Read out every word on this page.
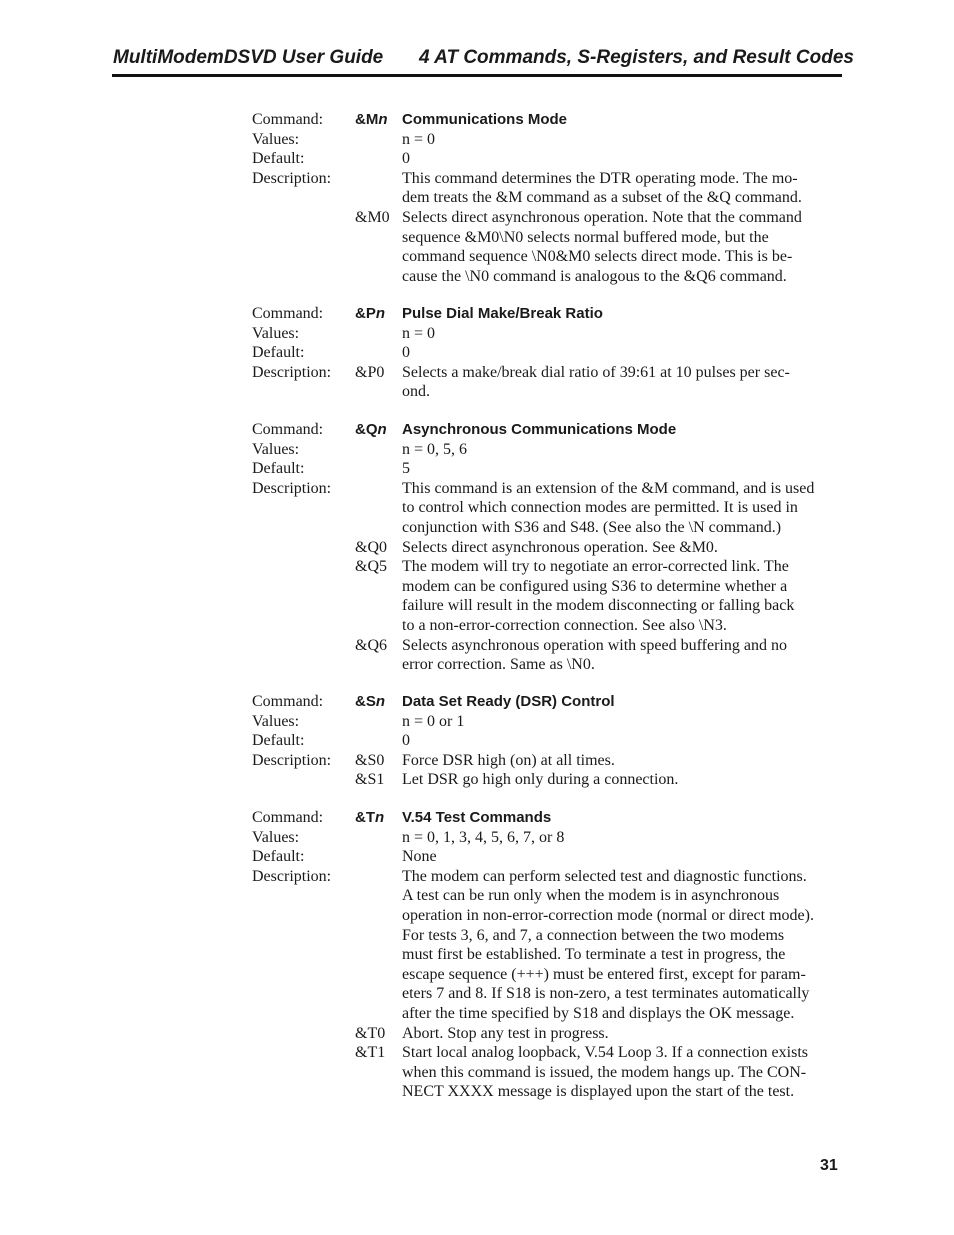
MultiModemDSVD User Guide 4 AT Commands, S-Registers, and Result Codes
Command: &Mn Communications Mode
Values:	n = 0
Default:	0
Description:	This command determines the DTR operating mode. The mo-
dem treats the &M command as a subset of the &Q command.
&M0 Selects direct asynchronous operation. Note that the command
sequence &M0\N0 selects normal buffered mode, but the
command sequence \N0&M0 selects direct mode. This is be-
cause the \N0 command is analogous to the &Q6 command.
Command: &Pn Pulse Dial Make/Break Ratio
Values:	n = 0
Default:	0
Description: &P0 Selects a make/break dial ratio of 39:61 at 10 pulses per sec-
ond.
Command: &Qn Asynchronous Communications Mode
Values:	n = 0, 5, 6
Default:	5
Description:	This command is an extension of the &M command, and is used
to control which connection modes are permitted. It is used in
conjunction with S36 and S48. (See also the \N command.)
&Q0 Selects direct asynchronous operation. See &M0.
&Q5 The modem will try to negotiate an error-corrected link. The
modem can be configured using S36 to determine whether a
failure will result in the modem disconnecting or falling back
to a non-error-correction connection. See also \N3.
&Q6 Selects asynchronous operation with speed buffering and no
error correction. Same as \N0.
Command: &Sn Data Set Ready (DSR) Control
Values:	n = 0 or 1
Default:	0
Description: &S0 Force DSR high (on) at all times.
&S1 Let DSR go high only during a connection.
Command: &Tn V.54 Test Commands
Values:	n = 0, 1, 3, 4, 5, 6, 7, or 8
Default:	None
Description:	The modem can perform selected test and diagnostic functions.
A test can be run only when the modem is in asynchronous
operation in non-error-correction mode (normal or direct mode).
For tests 3, 6, and 7, a connection between the two modems
must first be established. To terminate a test in progress, the
escape sequence (+++) must be entered first, except for param-
eters 7 and 8. If S18 is non-zero, a test terminates automatically
after the time specified by S18 and displays the OK message.
&T0 Abort. Stop any test in progress.
&T1 Start local analog loopback, V.54 Loop 3. If a connection exists
when this command is issued, the modem hangs up. The CON-
NECT XXXX message is displayed upon the start of the test.
31
